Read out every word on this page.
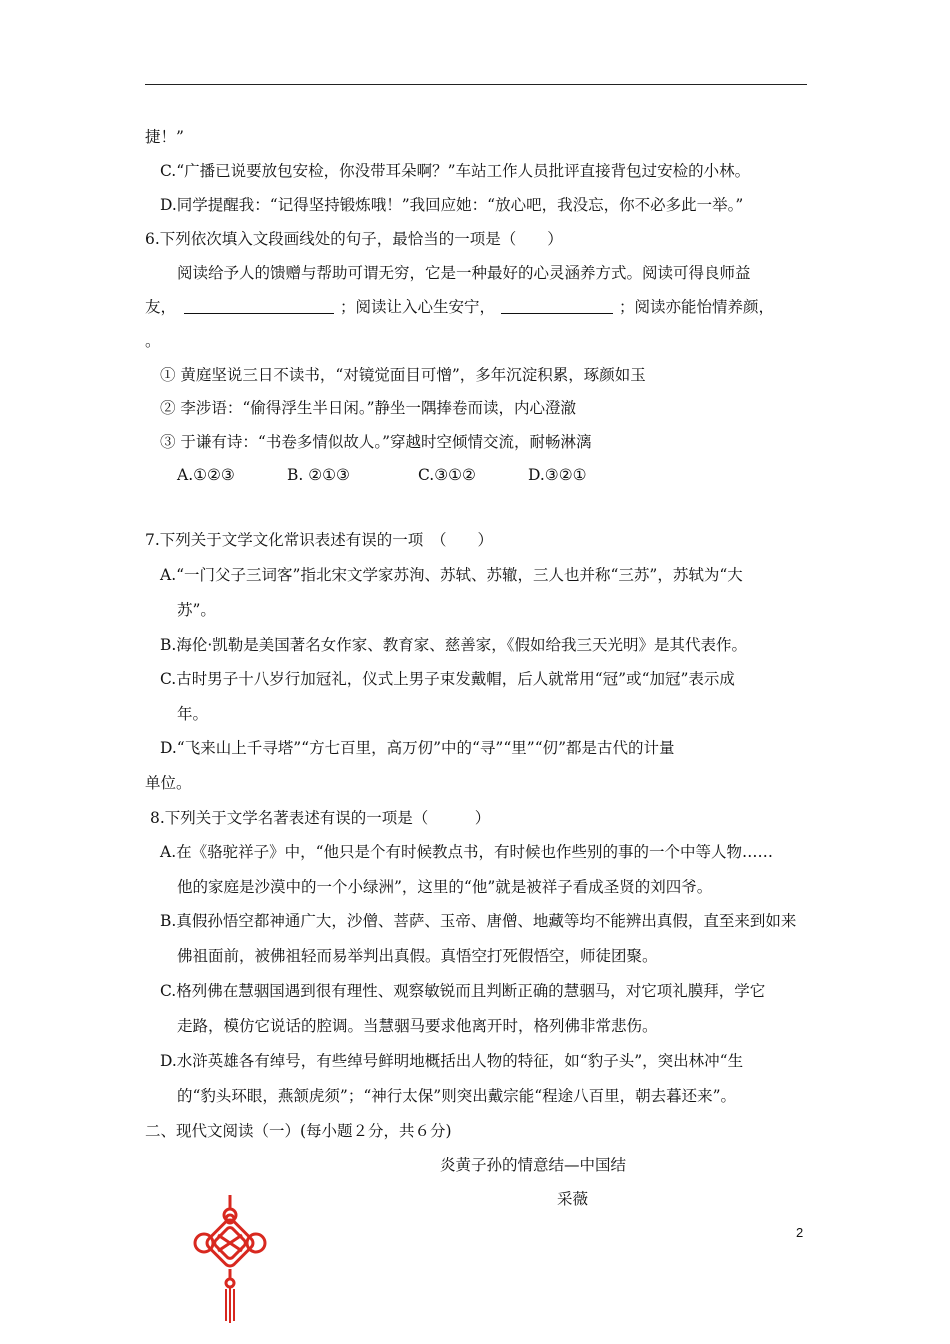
捷！”
C.“广播已说要放包安检，你没带耳朵啊？”车站工作人员批评直接背包过安检的小林。
D.同学提醒我：“记得坚持锻炼哦！”我回应她：“放心吧，我没忘，你不必多此一举。”
6.下列依次填入文段画线处的句子，最恰当的一项是（　　）
阅读给予人的馈赠与帮助可谓无穷，它是一种最好的心灵涵养方式。阅读可得良师益
友，	；阅读让入心生安宁，	；阅读亦能怡情养颜，
。
① 黄庭坚说三日不读书，“对镜觉面目可憎”，多年沉淀积累，琢颜如玉
② 李涉语：“偷得浮生半日闲。”静坐一隅捧卷而读，内心澄澈
③ 于谦有诗：“书卷多情似故人。”穿越时空倾情交流，耐畅淋漓
A.①②③	B. ②①③	C.③①②	D.③②①
7.下列关于文学文化常识表述有误的一项　（　　）
A.“一门父子三词客”指北宋文学家苏洵、苏轼、苏辙，三人也并称“三苏”，苏轼为“大
苏”。
B.海伦·凯勒是美国著名女作家、教育家、慈善家，《假如给我三天光明》是其代表作。
C.古时男子十八岁行加冠礼，仪式上男子束发戴帽，后人就常用“冠”或“加冠”表示成
年。
D.“飞来山上千寻塔”“方七百里，高万仞”中的“寻”“里”“仞”都是古代的计量
单位。
8.下列关于文学名著表述有误的一项是（　　　）
A.在《骆驼祥子》中，“他只是个有时候教点书，有时候也作些别的事的一个中等人物……
他的家庭是沙漠中的一个小绿洲”，这里的“他”就是被祥子看成圣贤的刘四爷。
B.真假孙悟空都神通广大，沙僧、菩萨、玉帝、唐僧、地藏等均不能辨出真假，直至来到如来
佛祖面前，被佛祖轻而易举判出真假。真悟空打死假悟空，师徒团聚。
C.格列佛在慧骃国遇到很有理性、观察敏锐而且判断正确的慧骃马，对它项礼膜拜，学它
走路，模仿它说话的腔调。当慧骃马要求他离开时，格列佛非常悲伤。
D.水浒英雄各有绰号，有些绰号鲜明地概括出人物的特征，如“豹子头”，突出林冲“生
的“豹头环眼，燕颔虎须”；“神行太保”则突出戴宗能“程途八百里，朝去暮还来”。
二、现代文阅读（一）(每小题２分，共６分)
炎黄子孙的情意结—中国结
采薇
2
